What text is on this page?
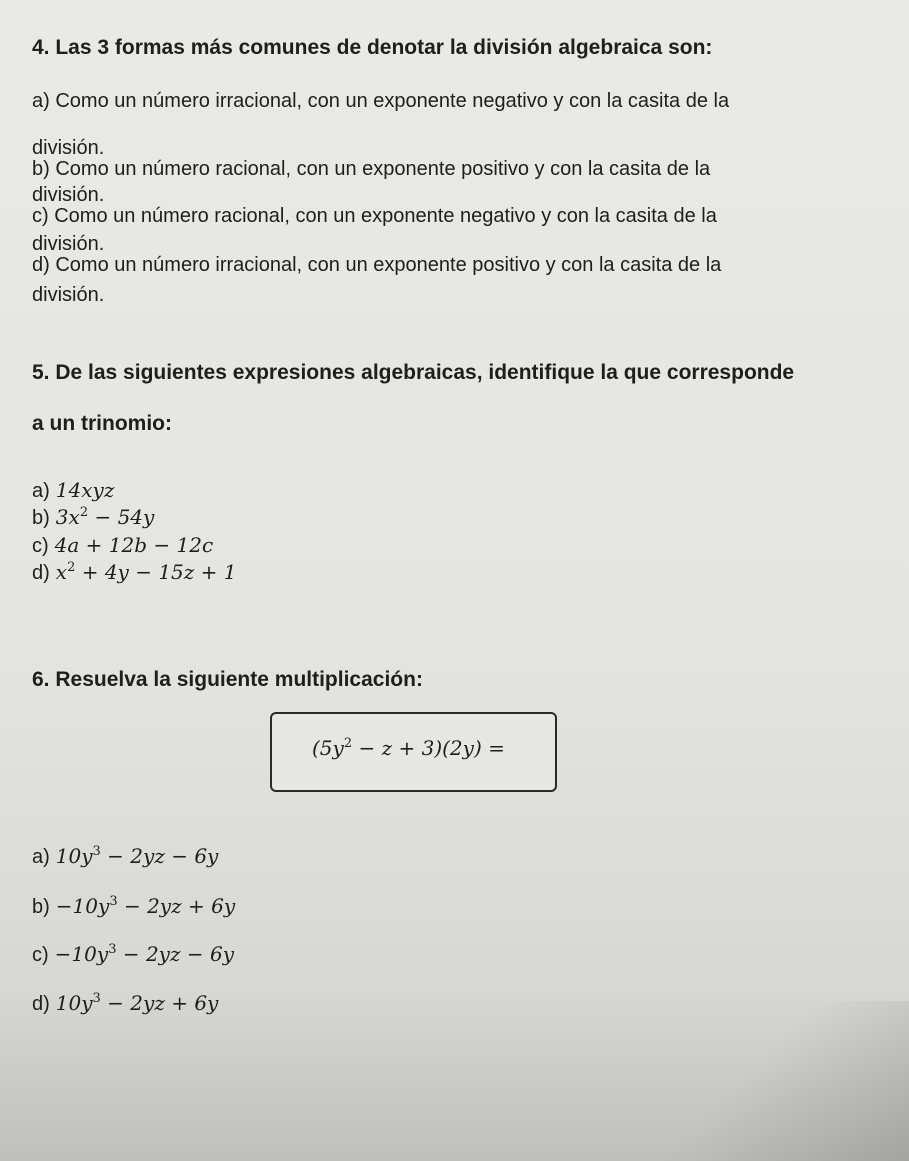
4. Las 3 formas más comunes de denotar la división algebraica son:

a) Como un número irracional, con un exponente negativo y con la casita de la

división.

b) Como un número racional, con un exponente positivo y con la casita de la

división.

c) Como un número racional, con un exponente negativo y con la casita de la

división.

d) Como un número irracional, con un exponente positivo y con la casita de la

división.

5. De las siguientes expresiones algebraicas, identifique la que corresponde

a un trinomio:

a) 14xyz

b) $3x^2 - 54y$

c) 4a + 12b − 12c

d) $x^2 + 4y - 15z + 1$

6. Resuelva la siguiente multiplicación:

$(5y^2 - z + 3)(2y)$ =

a) $10y^3 - 2yz - 6y$

$b) -10y^3 - 2yz + 6y$

$c) -10y^3 - 2yz - 6y$

d) $10y^3 - 2yz + 6y$
